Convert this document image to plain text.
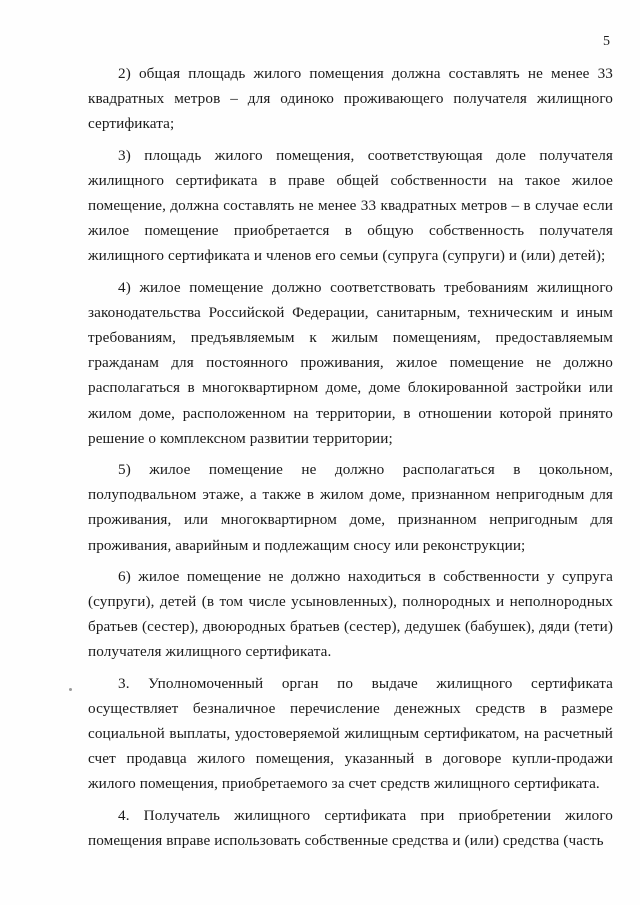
5

2) общая площадь жилого помещения должна составлять не менее 33 квадратных метров – для одиноко проживающего получателя жилищного сертификата;

3) площадь жилого помещения, соответствующая доле получателя жилищного сертификата в праве общей собственности на такое жилое помещение, должна составлять не менее 33 квадратных метров – в случае если жилое помещение приобретается в общую собственность получателя жилищного сертификата и членов его семьи (супруга (супруги) и (или) детей);

4) жилое помещение должно соответствовать требованиям жилищного законодательства Российской Федерации, санитарным, техническим и иным требованиям, предъявляемым к жилым помещениям, предоставляемым гражданам для постоянного проживания, жилое помещение не должно располагаться в многоквартирном доме, доме блокированной застройки или жилом доме, расположенном на территории, в отношении которой принято решение о комплексном развитии территории;

5) жилое помещение не должно располагаться в цокольном, полуподвальном этаже, а также в жилом доме, признанном непригодным для проживания, или многоквартирном доме, признанном непригодным для проживания, аварийным и подлежащим сносу или реконструкции;

6) жилое помещение не должно находиться в собственности у супруга (супруги), детей (в том числе усыновленных), полнородных и неполнородных братьев (сестер), двоюродных братьев (сестер), дедушек (бабушек), дяди (тети) получателя жилищного сертификата.

3. Уполномоченный орган по выдаче жилищного сертификата осуществляет безналичное перечисление денежных средств в размере социальной выплаты, удостоверяемой жилищным сертификатом, на расчетный счет продавца жилого помещения, указанный в договоре купли-продажи жилого помещения, приобретаемого за счет средств жилищного сертификата.

4. Получатель жилищного сертификата при приобретении жилого помещения вправе использовать собственные средства и (или) средства (часть
